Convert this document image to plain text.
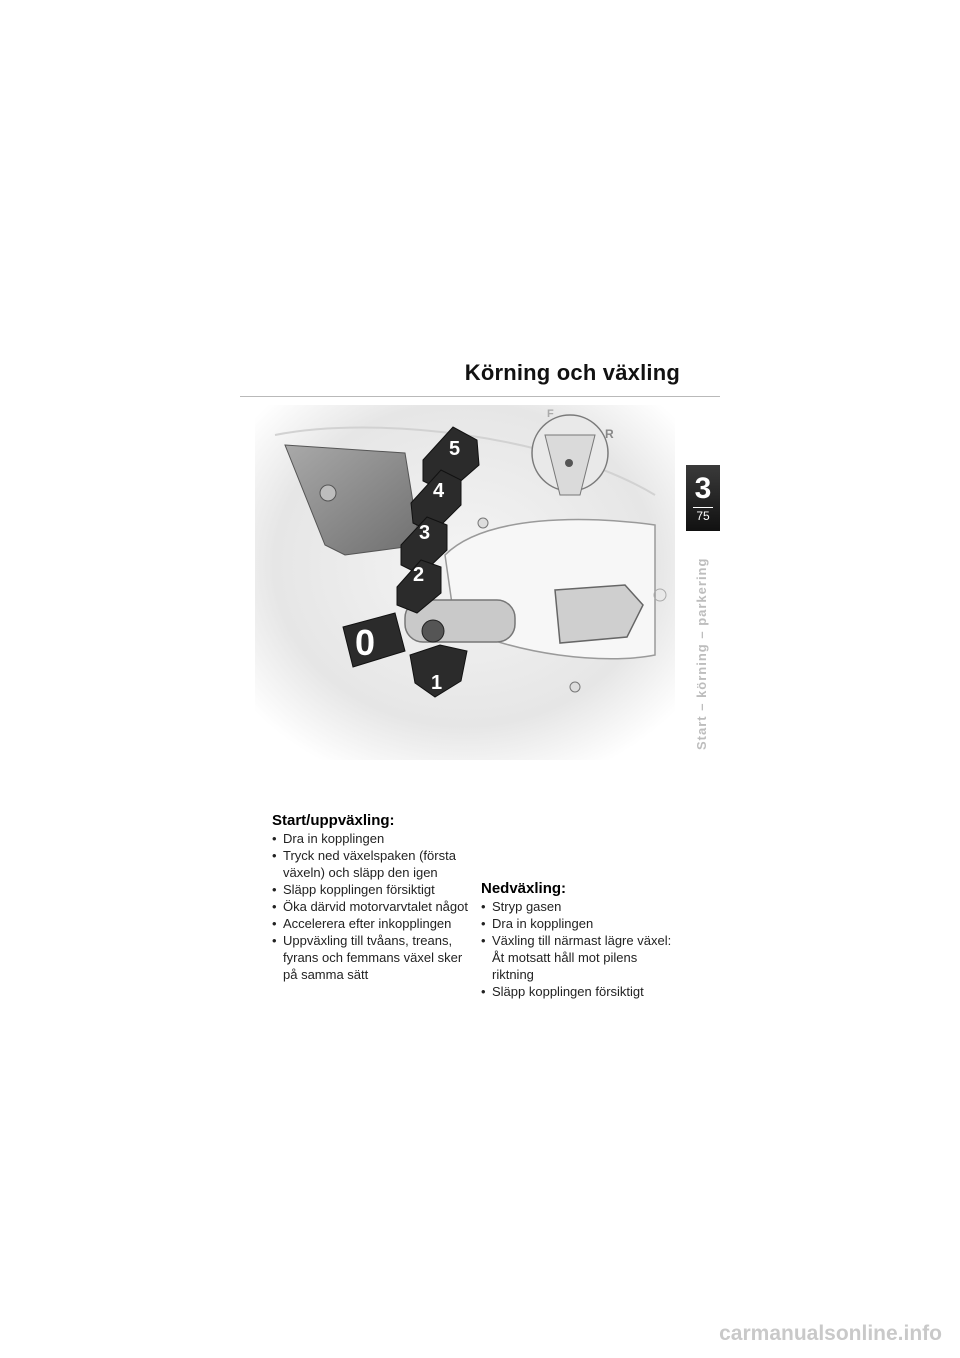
Körning och växling
F
R
5
4
3
2
1
0
3
75
Start – körning – parkering
Start/uppväxling:
• Dra in kopplingen
• Tryck ned växelspaken (första växeln) och släpp den igen
• Släpp kopplingen försiktigt
• Öka därvid motorvarvtalet något
• Accelerera efter inkopplingen
• Uppväxling till tvåans, treans, fyrans och femmans växel sker på samma sätt
Nedväxling:
• Stryp gasen
• Dra in kopplingen
• Växling till närmast lägre växel: Åt motsatt håll mot pilens riktning
• Släpp kopplingen försiktigt
carmanualsonline.info
